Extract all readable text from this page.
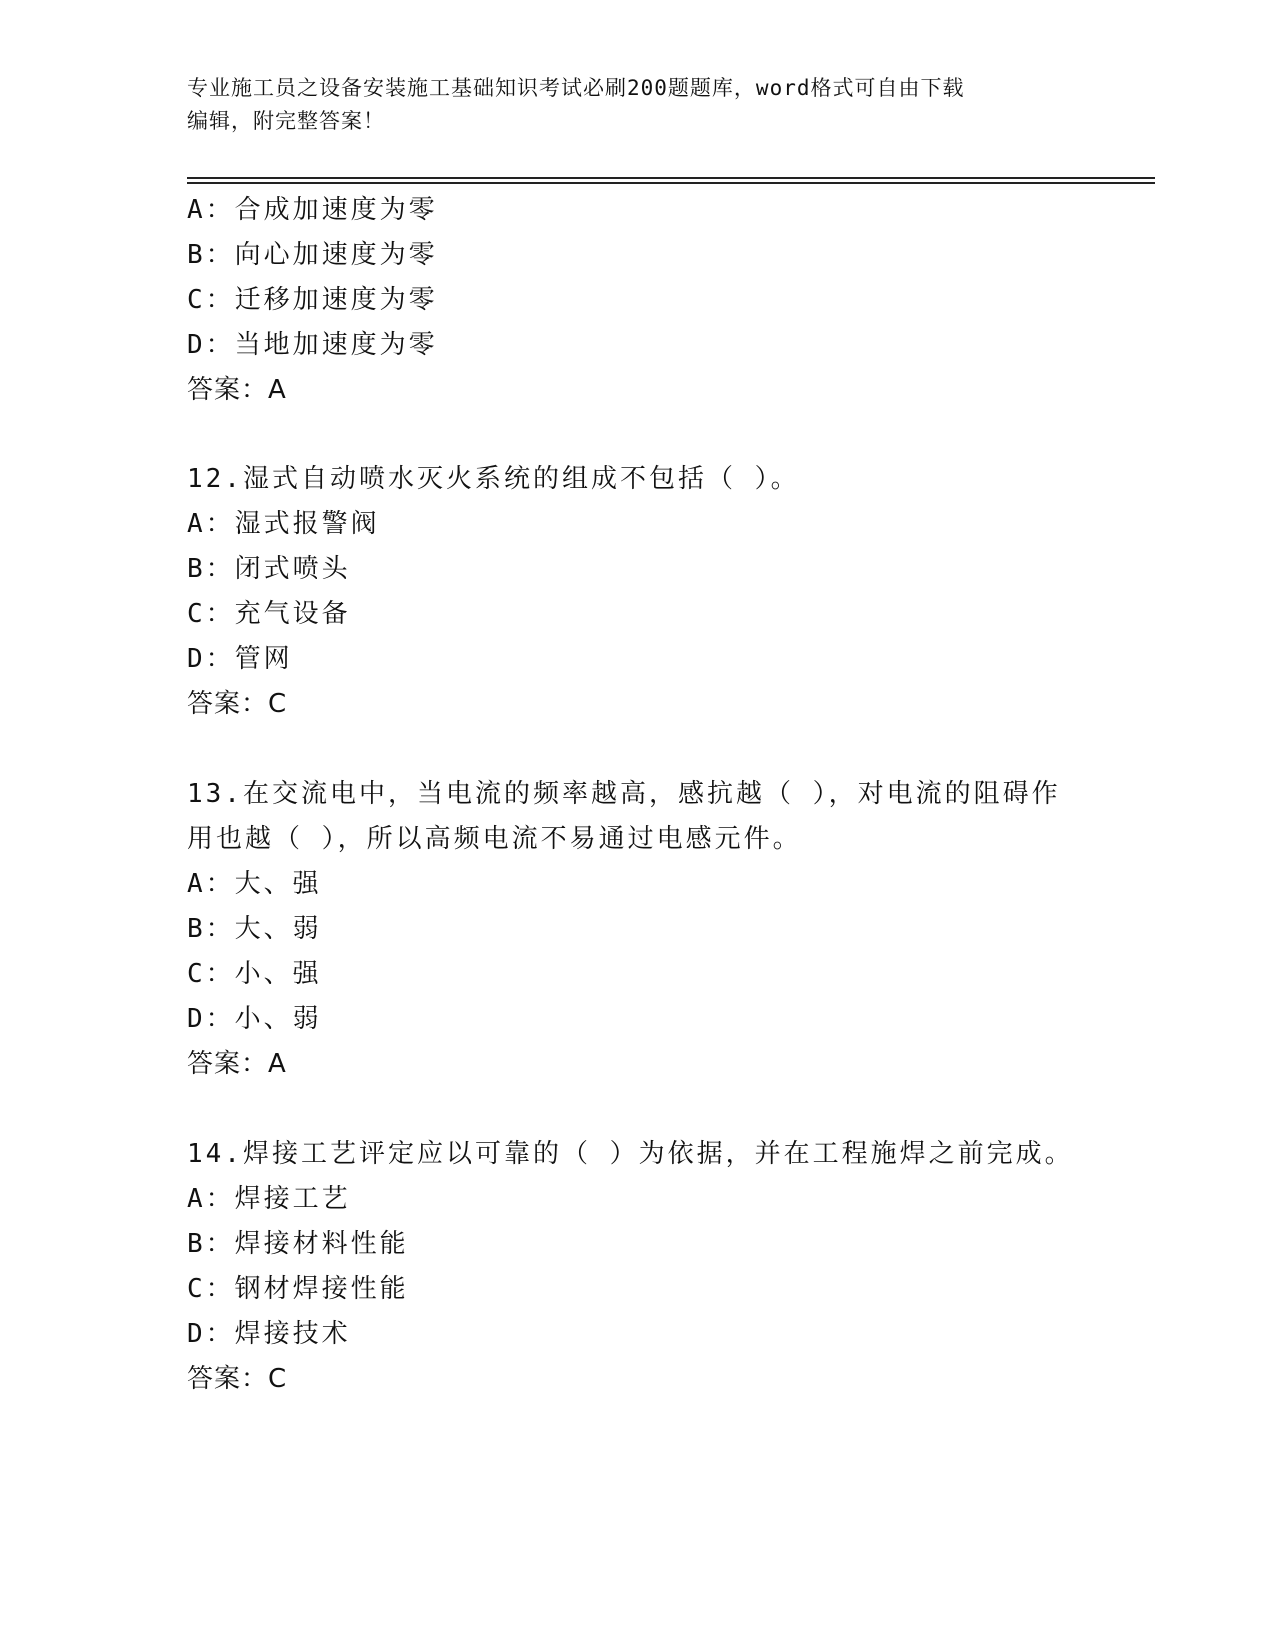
专业施工员之设备安装施工基础知识考试必刷200题题库，word格式可自由下载
编辑，附完整答案！
A：合成加速度为零
B：向心加速度为零
C：迁移加速度为零
D：当地加速度为零
答案：A
12.湿式自动喷水灭火系统的组成不包括（ ）。
A：湿式报警阀
B：闭式喷头
C：充气设备
D：管网
答案：C
13.在交流电中，当电流的频率越高，感抗越（ ），对电流的阻碍作
用也越（ ），所以高频电流不易通过电感元件。
A：大、强
B：大、弱
C：小、强
D：小、弱
答案：A
14.焊接工艺评定应以可靠的（ ）为依据，并在工程施焊之前完成。
A：焊接工艺
B：焊接材料性能
C：钢材焊接性能
D：焊接技术
答案：C
